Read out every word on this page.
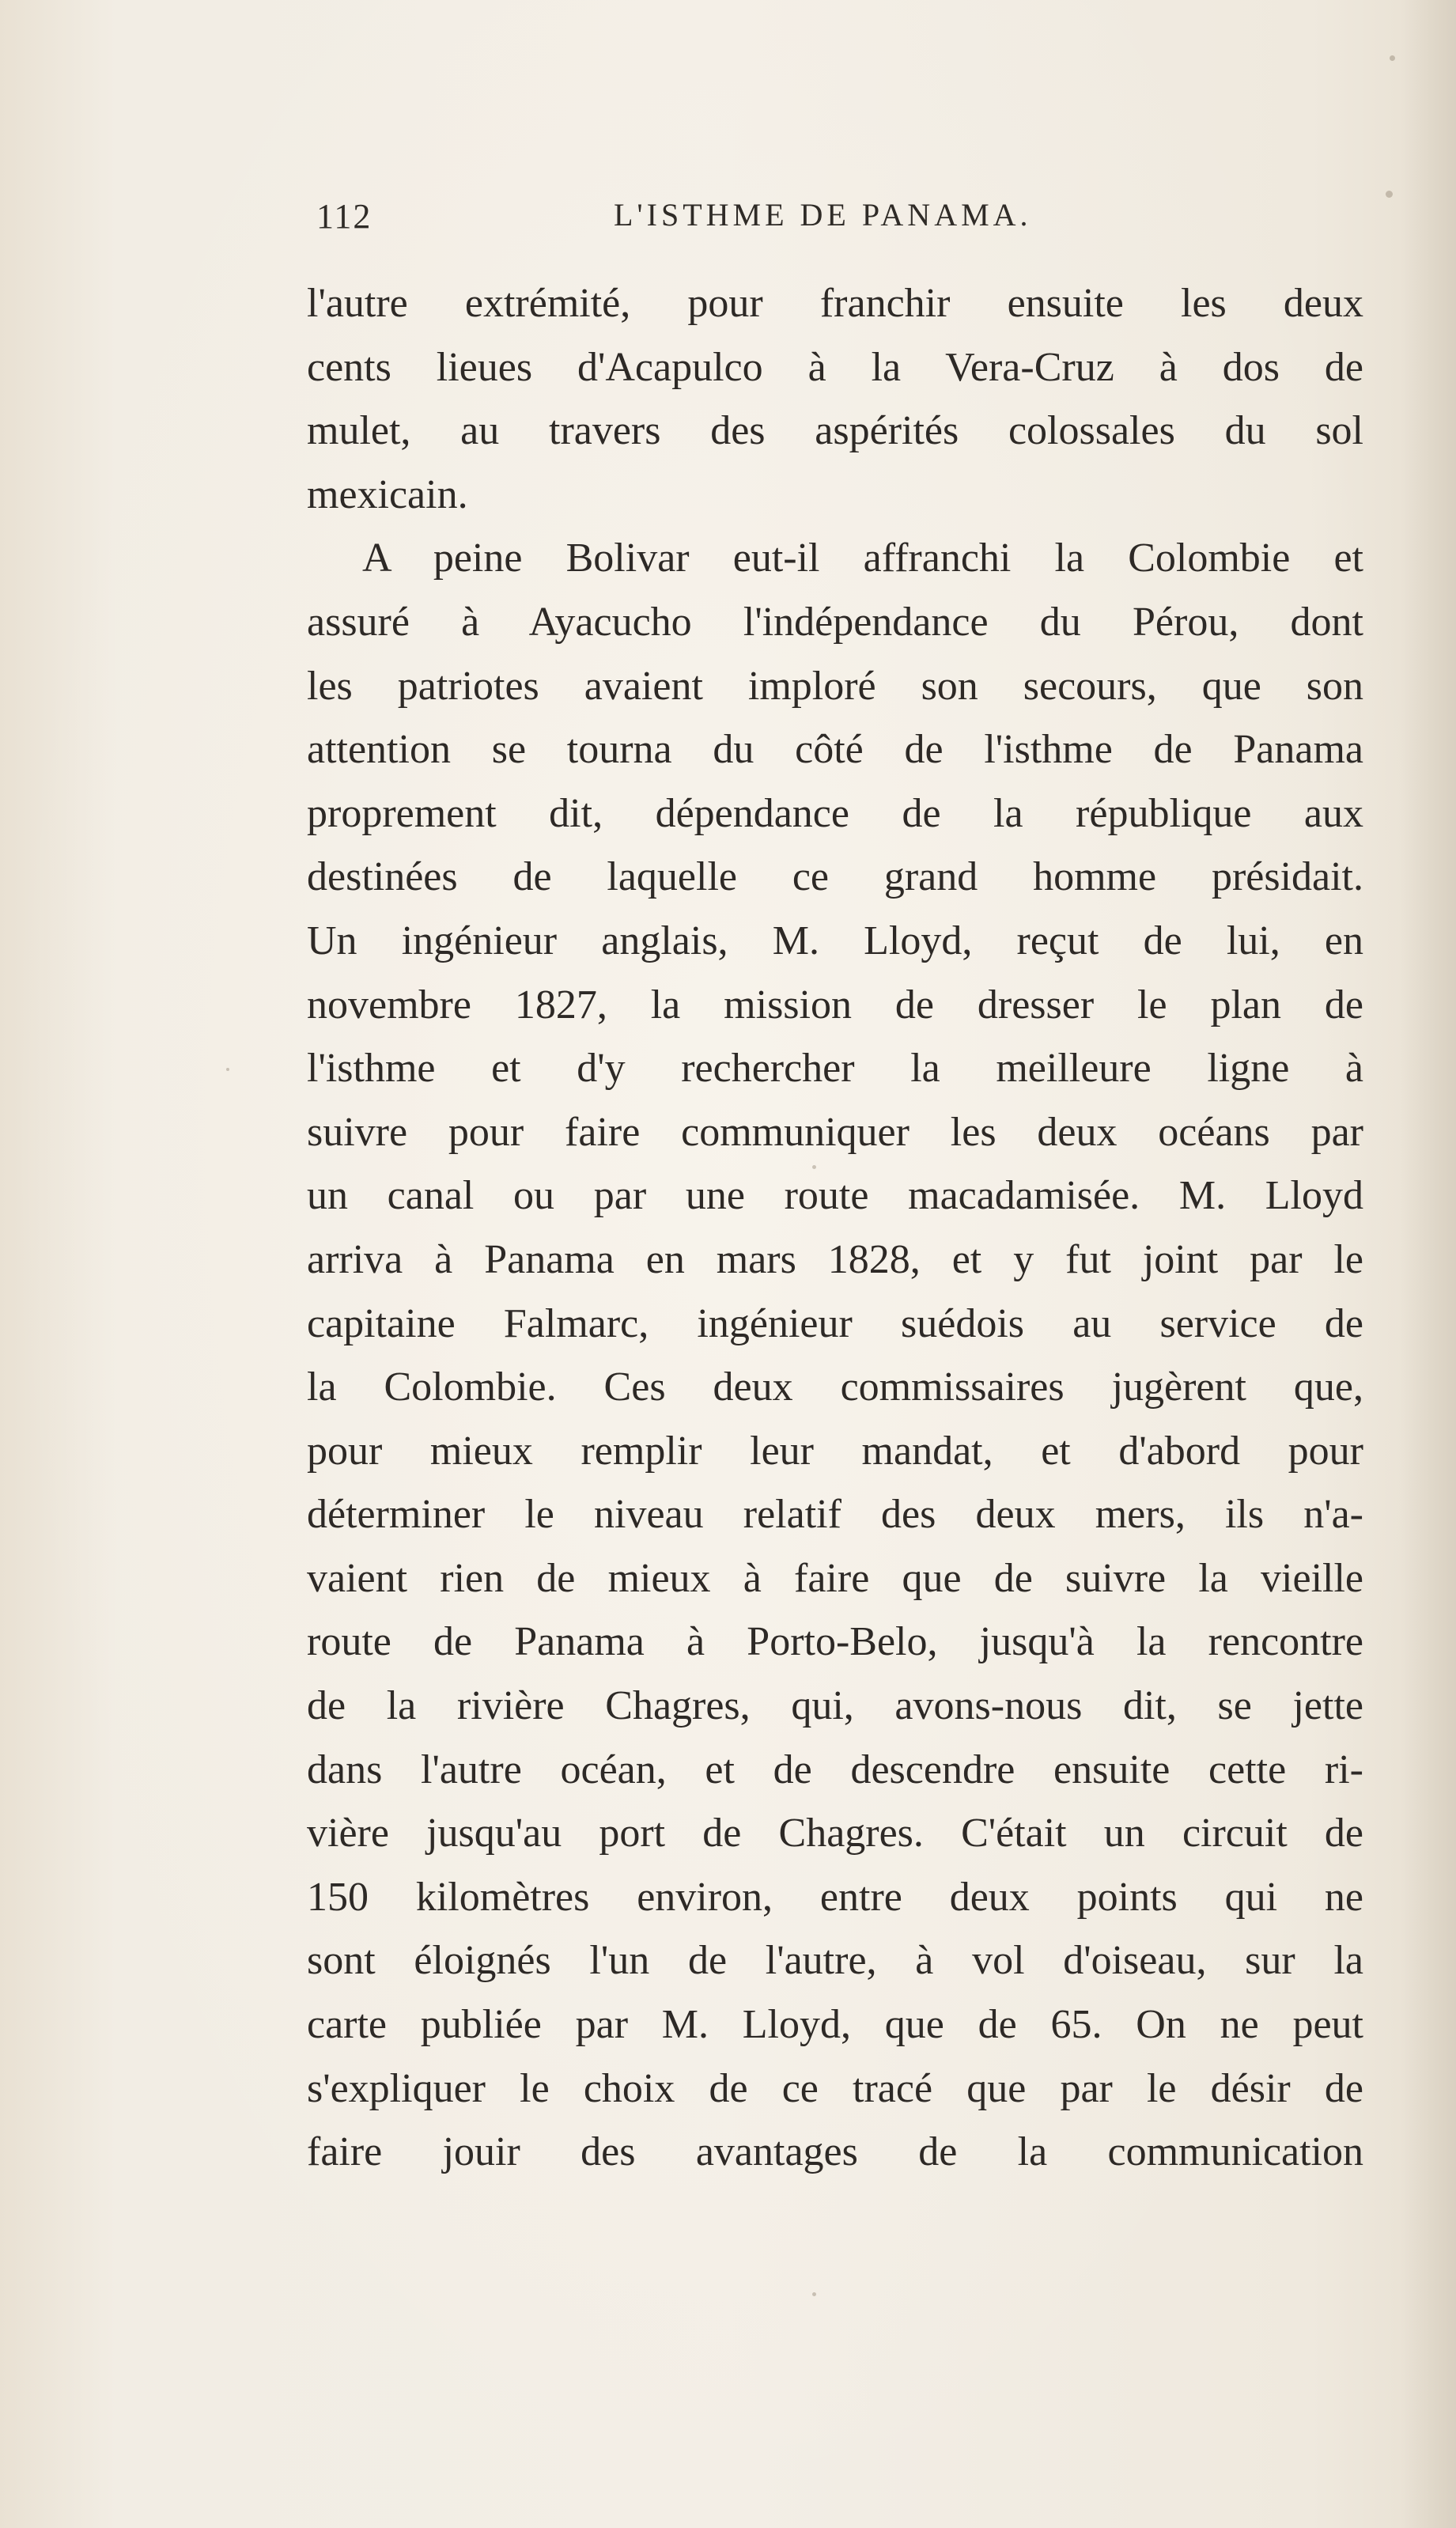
112	L'ISTHME DE PANAMA.
l'autre extrémité, pour franchir ensuite les deux
cents lieues d'Acapulco à la Vera-Cruz à dos de
mulet, au travers des aspérités colossales du sol
mexicain.
A peine Bolivar eut-il affranchi la Colombie et
assuré à Ayacucho l'indépendance du Pérou, dont
les patriotes avaient imploré son secours, que son
attention se tourna du côté de l'isthme de Panama
proprement dit, dépendance de la république aux
destinées de laquelle ce grand homme présidait.
Un ingénieur anglais, M. Lloyd, reçut de lui, en
novembre 1827, la mission de dresser le plan de
l'isthme et d'y rechercher la meilleure ligne à
suivre pour faire communiquer les deux océans par
un canal ou par une route macadamisée. M. Lloyd
arriva à Panama en mars 1828, et y fut joint par le
capitaine Falmarc, ingénieur suédois au service de
la Colombie. Ces deux commissaires jugèrent que,
pour mieux remplir leur mandat, et d'abord pour
déterminer le niveau relatif des deux mers, ils n'a-
vaient rien de mieux à faire que de suivre la vieille
route de Panama à Porto-Belo, jusqu'à la rencontre
de la rivière Chagres, qui, avons-nous dit, se jette
dans l'autre océan, et de descendre ensuite cette ri-
vière jusqu'au port de Chagres. C'était un circuit de
150 kilomètres environ, entre deux points qui ne
sont éloignés l'un de l'autre, à vol d'oiseau, sur la
carte publiée par M. Lloyd, que de 65. On ne peut
s'expliquer le choix de ce tracé que par le désir de
faire jouir des avantages de la communication
